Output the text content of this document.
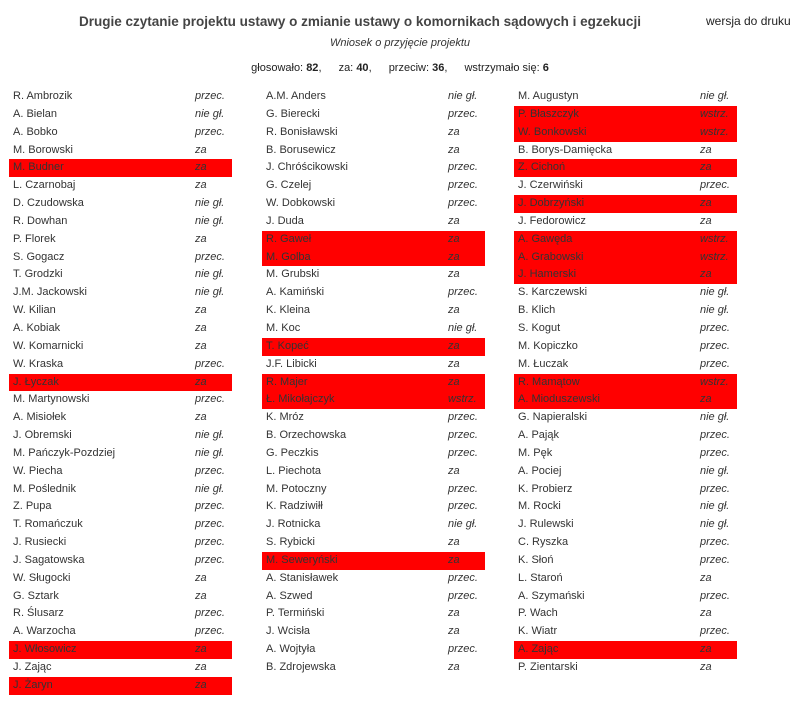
Drugie czytanie projektu ustawy o zmianie ustawy o komornikach sądowych i egzekucji	wersja do druku
Wniosek o przyjęcie projektu
głosowało: 82, za: 40, przeciw: 36, wstrzymało się: 6
R. Ambrozik	przec.
A. Bielan	nie gł.
A. Bobko	przec.
M. Borowski	za
M. Budner	za
L. Czarnobaj	za
D. Czudowska	nie gł.
R. Dowhan	nie gł.
P. Florek	za
S. Gogacz	przec.
T. Grodzki	nie gł.
J.M. Jackowski	nie gł.
W. Kilian	za
A. Kobiak	za
W. Komarnicki	za
W. Kraska	przec.
J. Łyczak	za
M. Martynowski	przec.
A. Misiołek	za
J. Obremski	nie gł.
M. Pańczyk-Pozdziej	nie gł.
W. Piecha	przec.
M. Poślednik	nie gł.
Z. Pupa	przec.
T. Romańczuk	przec.
J. Rusiecki	przec.
J. Sagatowska	przec.
W. Sługocki	za
G. Sztark	za
R. Ślusarz	przec.
A. Warzocha	przec.
J. Włosowicz	za
J. Zając	za
J. Żaryn	za
A.M. Anders	nie gł.
G. Bierecki	przec.
R. Bonisławski	za
B. Borusewicz	za
J. Chróścikowski	przec.
G. Czelej	przec.
W. Dobkowski	przec.
J. Duda	za
R. Gaweł	za
M. Golba	za
M. Grubski	za
A. Kamiński	przec.
K. Kleina	za
M. Koc	nie gł.
T. Kopeć	za
J.F. Libicki	za
R. Majer	za
Ł. Mikołajczyk	wstrz.
K. Mróz	przec.
B. Orzechowska	przec.
G. Peczkis	przec.
L. Piechota	za
M. Potoczny	przec.
K. Radziwiłł	przec.
J. Rotnicka	nie gł.
S. Rybicki	za
M. Seweryński	za
A. Stanisławek	przec.
A. Szwed	przec.
P. Termiński	za
J. Wcisła	za
A. Wojtyła	przec.
B. Zdrojewska	za
M. Augustyn	nie gł.
P. Błaszczyk	wstrz.
W. Bonkowski	wstrz.
B. Borys-Damięcka	za
Z. Cichoń	za
J. Czerwiński	przec.
J. Dobrzyński	za
J. Fedorowicz	za
A. Gawęda	wstrz.
A. Grabowski	wstrz.
J. Hamerski	za
S. Karczewski	nie gł.
B. Klich	nie gł.
S. Kogut	przec.
M. Kopiczko	przec.
M. Łuczak	przec.
R. Mamątow	wstrz.
A. Mioduszewski	za
G. Napieralski	nie gł.
A. Pająk	przec.
M. Pęk	przec.
A. Pociej	nie gł.
K. Probierz	przec.
M. Rocki	nie gł.
J. Rulewski	nie gł.
C. Ryszka	przec.
K. Słoń	przec.
L. Staroń	za
A. Szymański	przec.
P. Wach	za
K. Wiatr	przec.
A. Zając	za
P. Zientarski	za
